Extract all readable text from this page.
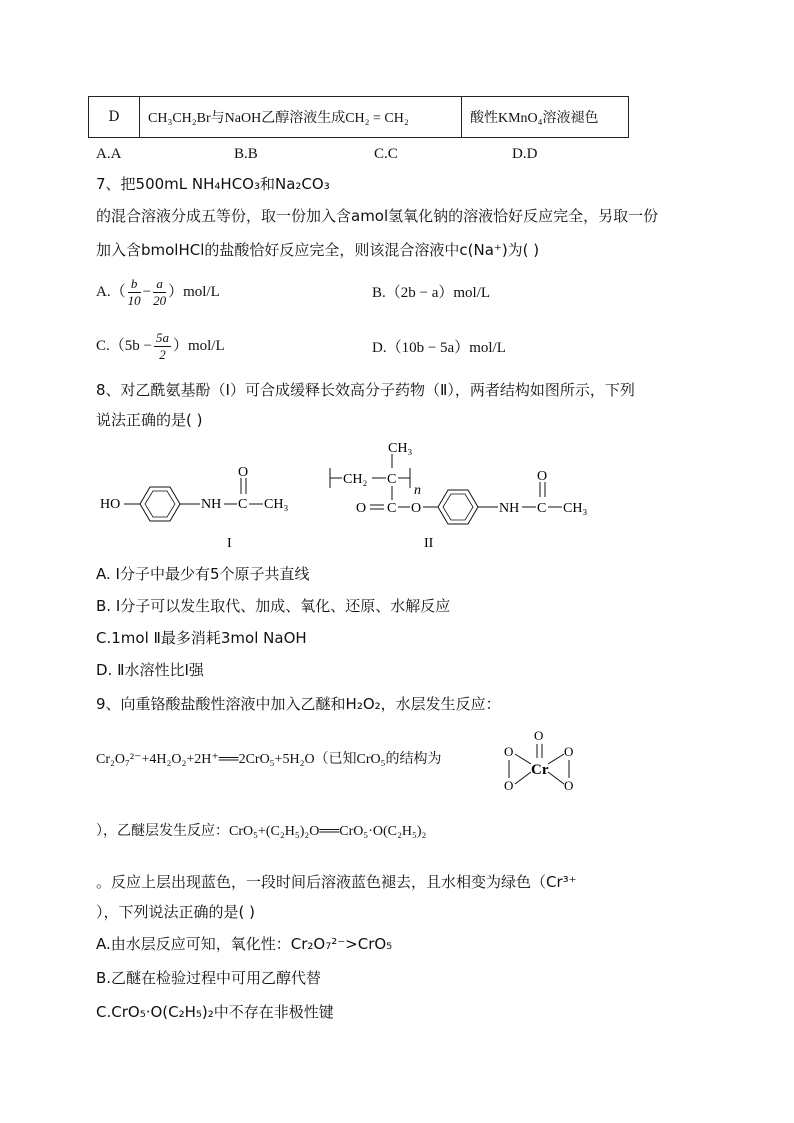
D	CH₃CH₂Br与NaOH乙醇溶液生成CH₂ = CH₂	酸性KMnO₄溶液褪色
A.A	B.B	C.C	D.D
7、把500mL NH₄HCO₃和Na₂CO₃
的混合溶液分成五等份，取一份加入含amol氢氧化钠的溶液恰好反应完全，另取一份
加入含bmolHCl的盐酸恰好反应完全，则该混合溶液中c(Na⁺)为( )
$A.( \frac{b}{10} - \frac{a}{20} )mol/L$	B.（2b − a）mol/L
$C.(5b - \frac{5a}{2} )mol/L$	D.（10b − 5a）mol/L
8、对乙酰氨基酚（Ⅰ）可合成缓释长效高分子药物（Ⅱ），两者结构如图所示，下列
说法正确的是( )
HO	NH C
O
CH₃
I
CH₂ C
CH₃
n
O C O	NH C
O
CH₃
II
A. Ⅰ分子中最少有5个原子共直线
B. Ⅰ分子可以发生取代、加成、氧化、还原、水解反应
C.1mol Ⅱ最多消耗3mol NaOH
D. Ⅱ水溶性比Ⅰ强
9、向重铬酸盐酸性溶液中加入乙醚和H₂O₂，水层发生反应：
Cr₂O₇²⁻+4H₂O₂+2H⁺══2CrO₅+5H₂O（已知CrO₅的结构为
O
Cr
O
O
O
O
），乙醚层发生反应：CrO₅+(C₂H₅)₂O══CrO₅·O(C₂H₅)₂
。反应上层出现蓝色，一段时间后溶液蓝色褪去，且水相变为绿色（Cr³⁺
），下列说法正确的是( )
A.由水层反应可知，氧化性：Cr₂O₇²⁻>CrO₅
B.乙醚在检验过程中可用乙醇代替
C.CrO₅·O(C₂H₅)₂中不存在非极性键
